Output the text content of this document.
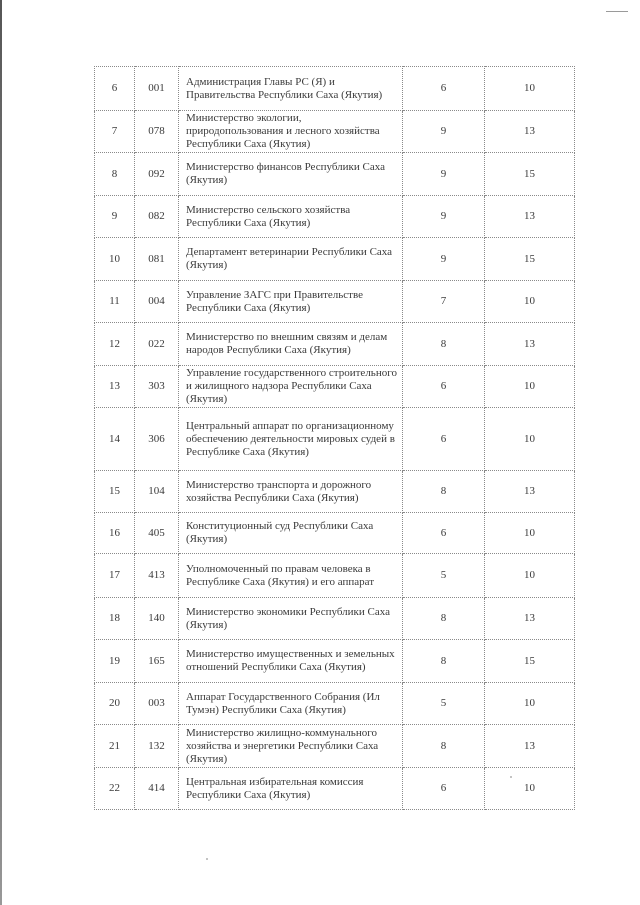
6	001	Администрация Главы РС (Я) и Правительства Республики Саха (Якутия)	6	10
7	078	Министерство экологии, природопользования и лесного хозяйства Республики Саха (Якутия)	9	13
8	092	Министерство финансов Республики Саха (Якутия)	9	15
9	082	Министерство сельского хозяйства Республики Саха (Якутия)	9	13
10	081	Департамент ветеринарии Республики Саха (Якутия)	9	15
11	004	Управление ЗАГС при Правительстве Республики Саха (Якутия)	7	10
12	022	Министерство по внешним связям и делам народов Республики Саха (Якутия)	8	13
13	303	Управление государственного строительного и жилищного надзора Республики Саха (Якутия)	6	10
14	306	Центральный аппарат по организационному обеспечению деятельности мировых судей в Республике Саха (Якутия)	6	10
15	104	Министерство транспорта и дорожного хозяйства Республики Саха (Якутия)	8	13
16	405	Конституционный суд Республики Саха (Якутия)	6	10
17	413	Уполномоченный по правам человека в Республике Саха (Якутия) и его аппарат	5	10
18	140	Министерство экономики Республики Саха (Якутия)	8	13
19	165	Министерство имущественных и земельных отношений Республики Саха (Якутия)	8	15
20	003	Аппарат Государственного Собрания (Ил Тумэн) Республики Саха (Якутия)	5	10
21	132	Министерство жилищно-коммунального хозяйства и энергетики Республики Саха (Якутия)	8	13
22	414	Центральная избирательная комиссия Республики Саха (Якутия)	6	10
